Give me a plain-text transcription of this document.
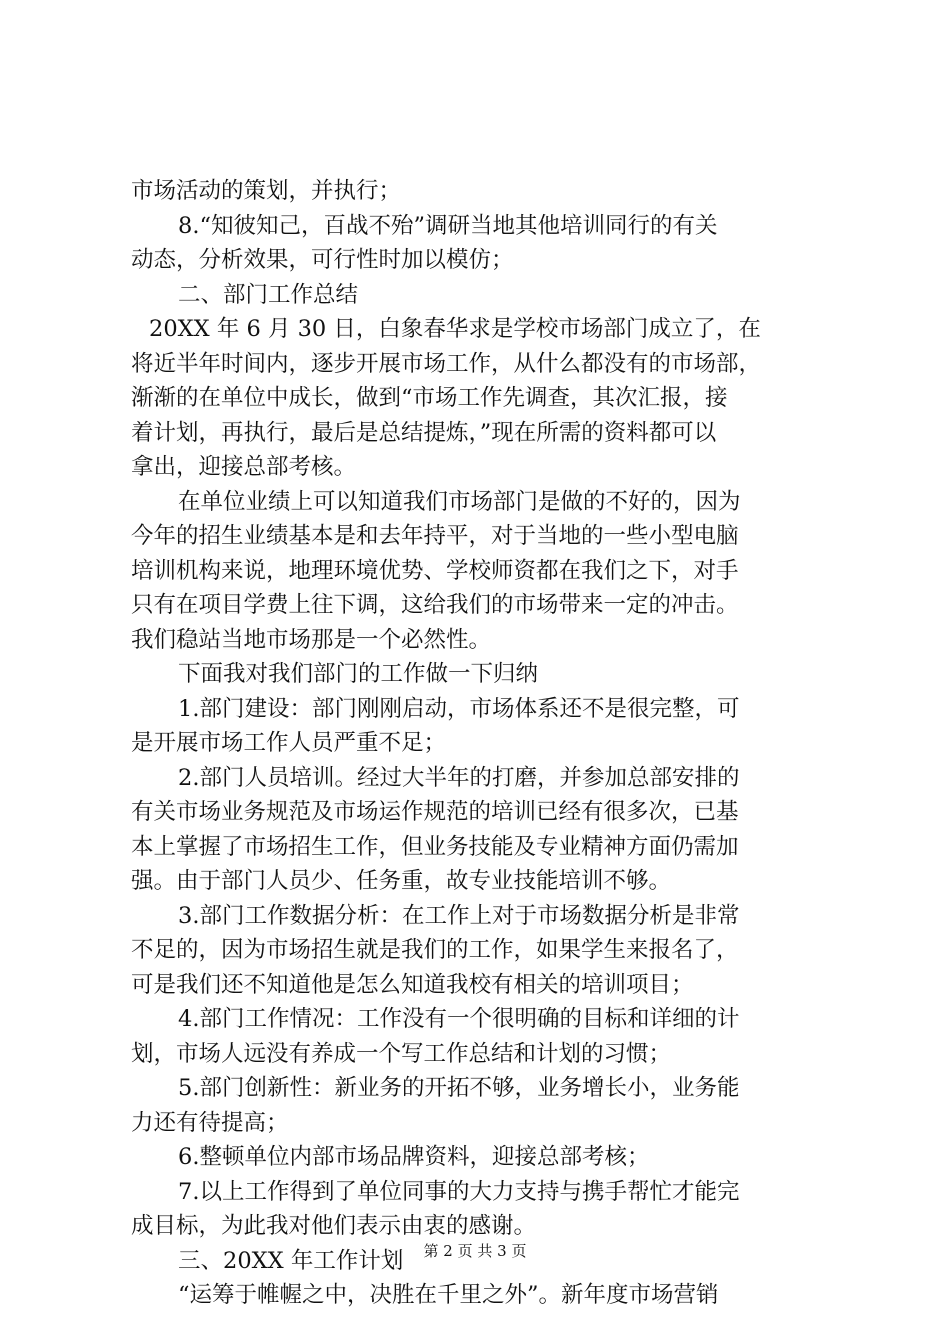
市场活动的策划，并执行；
8.“知彼知己，百战不殆”调研当地其他培训同行的有关
动态，分析效果，可行性时加以模仿；
二、部门工作总结
20XX 年 6 月 30 日，白象春华求是学校市场部门成立了，在
将近半年时间内，逐步开展市场工作，从什么都没有的市场部，
渐渐的在单位中成长，做到“市场工作先调查，其次汇报，接
着计划，再执行，最后是总结提炼，”现在所需的资料都可以
拿出，迎接总部考核。
在单位业绩上可以知道我们市场部门是做的不好的，因为
今年的招生业绩基本是和去年持平，对于当地的一些小型电脑
培训机构来说，地理环境优势、学校师资都在我们之下，对手
只有在项目学费上往下调，这给我们的市场带来一定的冲击。
我们稳站当地市场那是一个必然性。
下面我对我们部门的工作做一下归纳
1.部门建设：部门刚刚启动，市场体系还不是很完整，可
是开展市场工作人员严重不足；
2.部门人员培训。经过大半年的打磨，并参加总部安排的
有关市场业务规范及市场运作规范的培训已经有很多次，已基
本上掌握了市场招生工作，但业务技能及专业精神方面仍需加
强。由于部门人员少、任务重，故专业技能培训不够。
3.部门工作数据分析：在工作上对于市场数据分析是非常
不足的，因为市场招生就是我们的工作，如果学生来报名了，
可是我们还不知道他是怎么知道我校有相关的培训项目；
4.部门工作情况：工作没有一个很明确的目标和详细的计
划，市场人远没有养成一个写工作总结和计划的习惯；
5.部门创新性：新业务的开拓不够，业务增长小，业务能
力还有待提高；
6.整顿单位内部市场品牌资料，迎接总部考核；
7.以上工作得到了单位同事的大力支持与携手帮忙才能完
成目标，为此我对他们表示由衷的感谢。
三、20XX 年工作计划
“运筹于帷幄之中，决胜在千里之外”。新年度市场营销
第 2 页 共 3 页
